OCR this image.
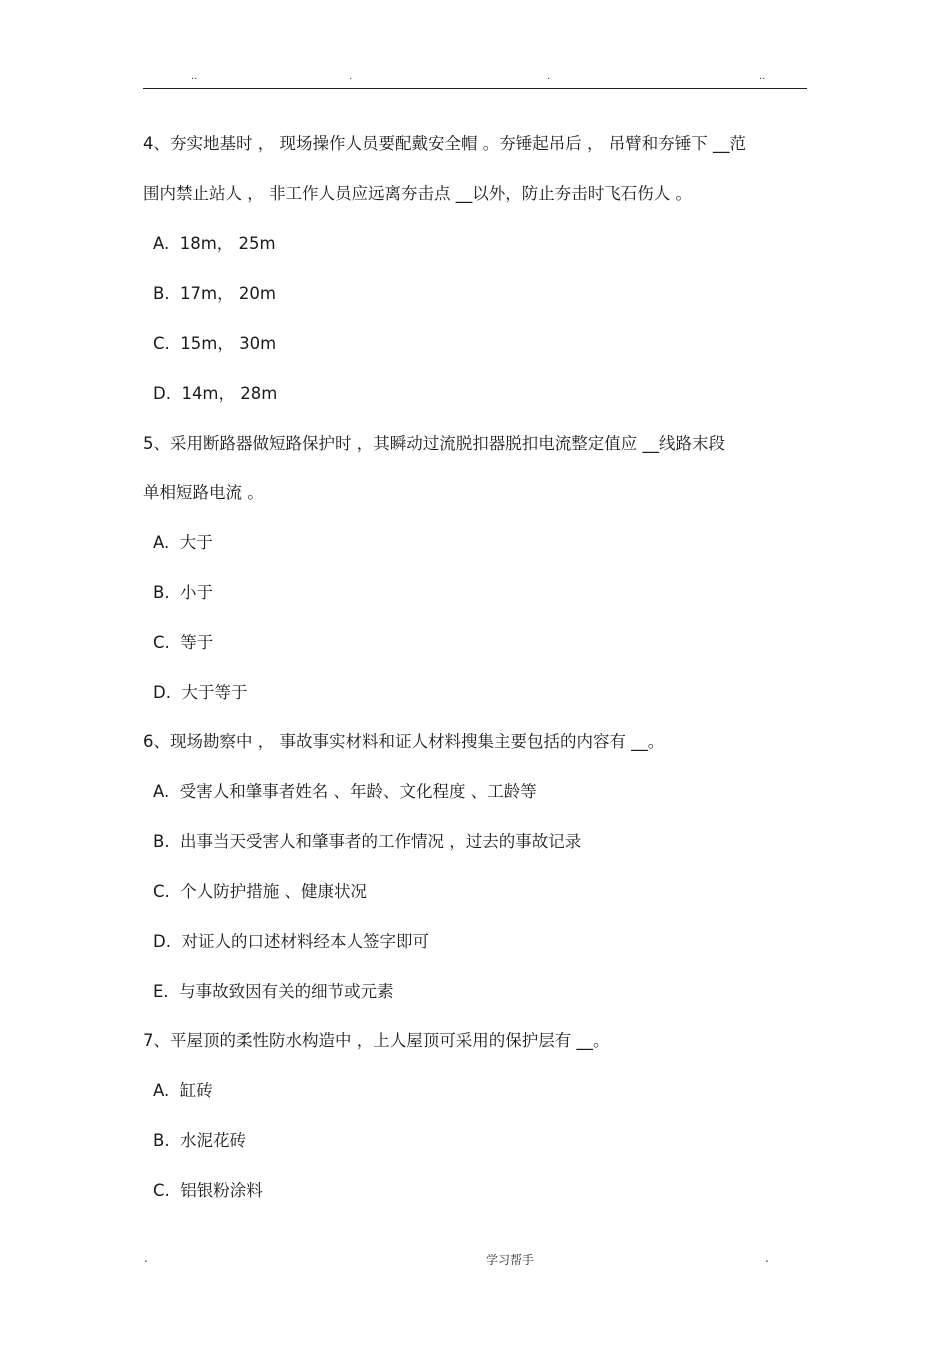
..	.	.	..
4、夯实地基时 ， 现场操作人员要配戴安全帽 。夯锤起吊后 ， 吊臂和夯锤下 __范
围内禁止站人 ， 非工作人员应远离夯击点 __以外，防止夯击时飞石伤人 。
A.  18m， 25m
B.  17m， 20m
C.  15m， 30m
D.  14m， 28m
5、采用断路器做短路保护时 ，其瞬动过流脱扣器脱扣电流整定值应 __线路末段
单相短路电流 。
A.  大于
B.  小于
C.  等于
D.  大于等于
6、现场勘察中 ， 事故事实材料和证人材料搜集主要包括的内容有 __。
A.  受害人和肇事者姓名 、年龄、文化程度 、工龄等
B.  出事当天受害人和肇事者的工作情况 ，过去的事故记录
C.  个人防护措施 、健康状况
D.  对证人的口述材料经本人签字即可
E.  与事故致因有关的细节或元素
7、平屋顶的柔性防水构造中 ，上人屋顶可采用的保护层有 __。
A.  缸砖
B.  水泥花砖
C.  铝银粉涂料
.	学习帮手	.
